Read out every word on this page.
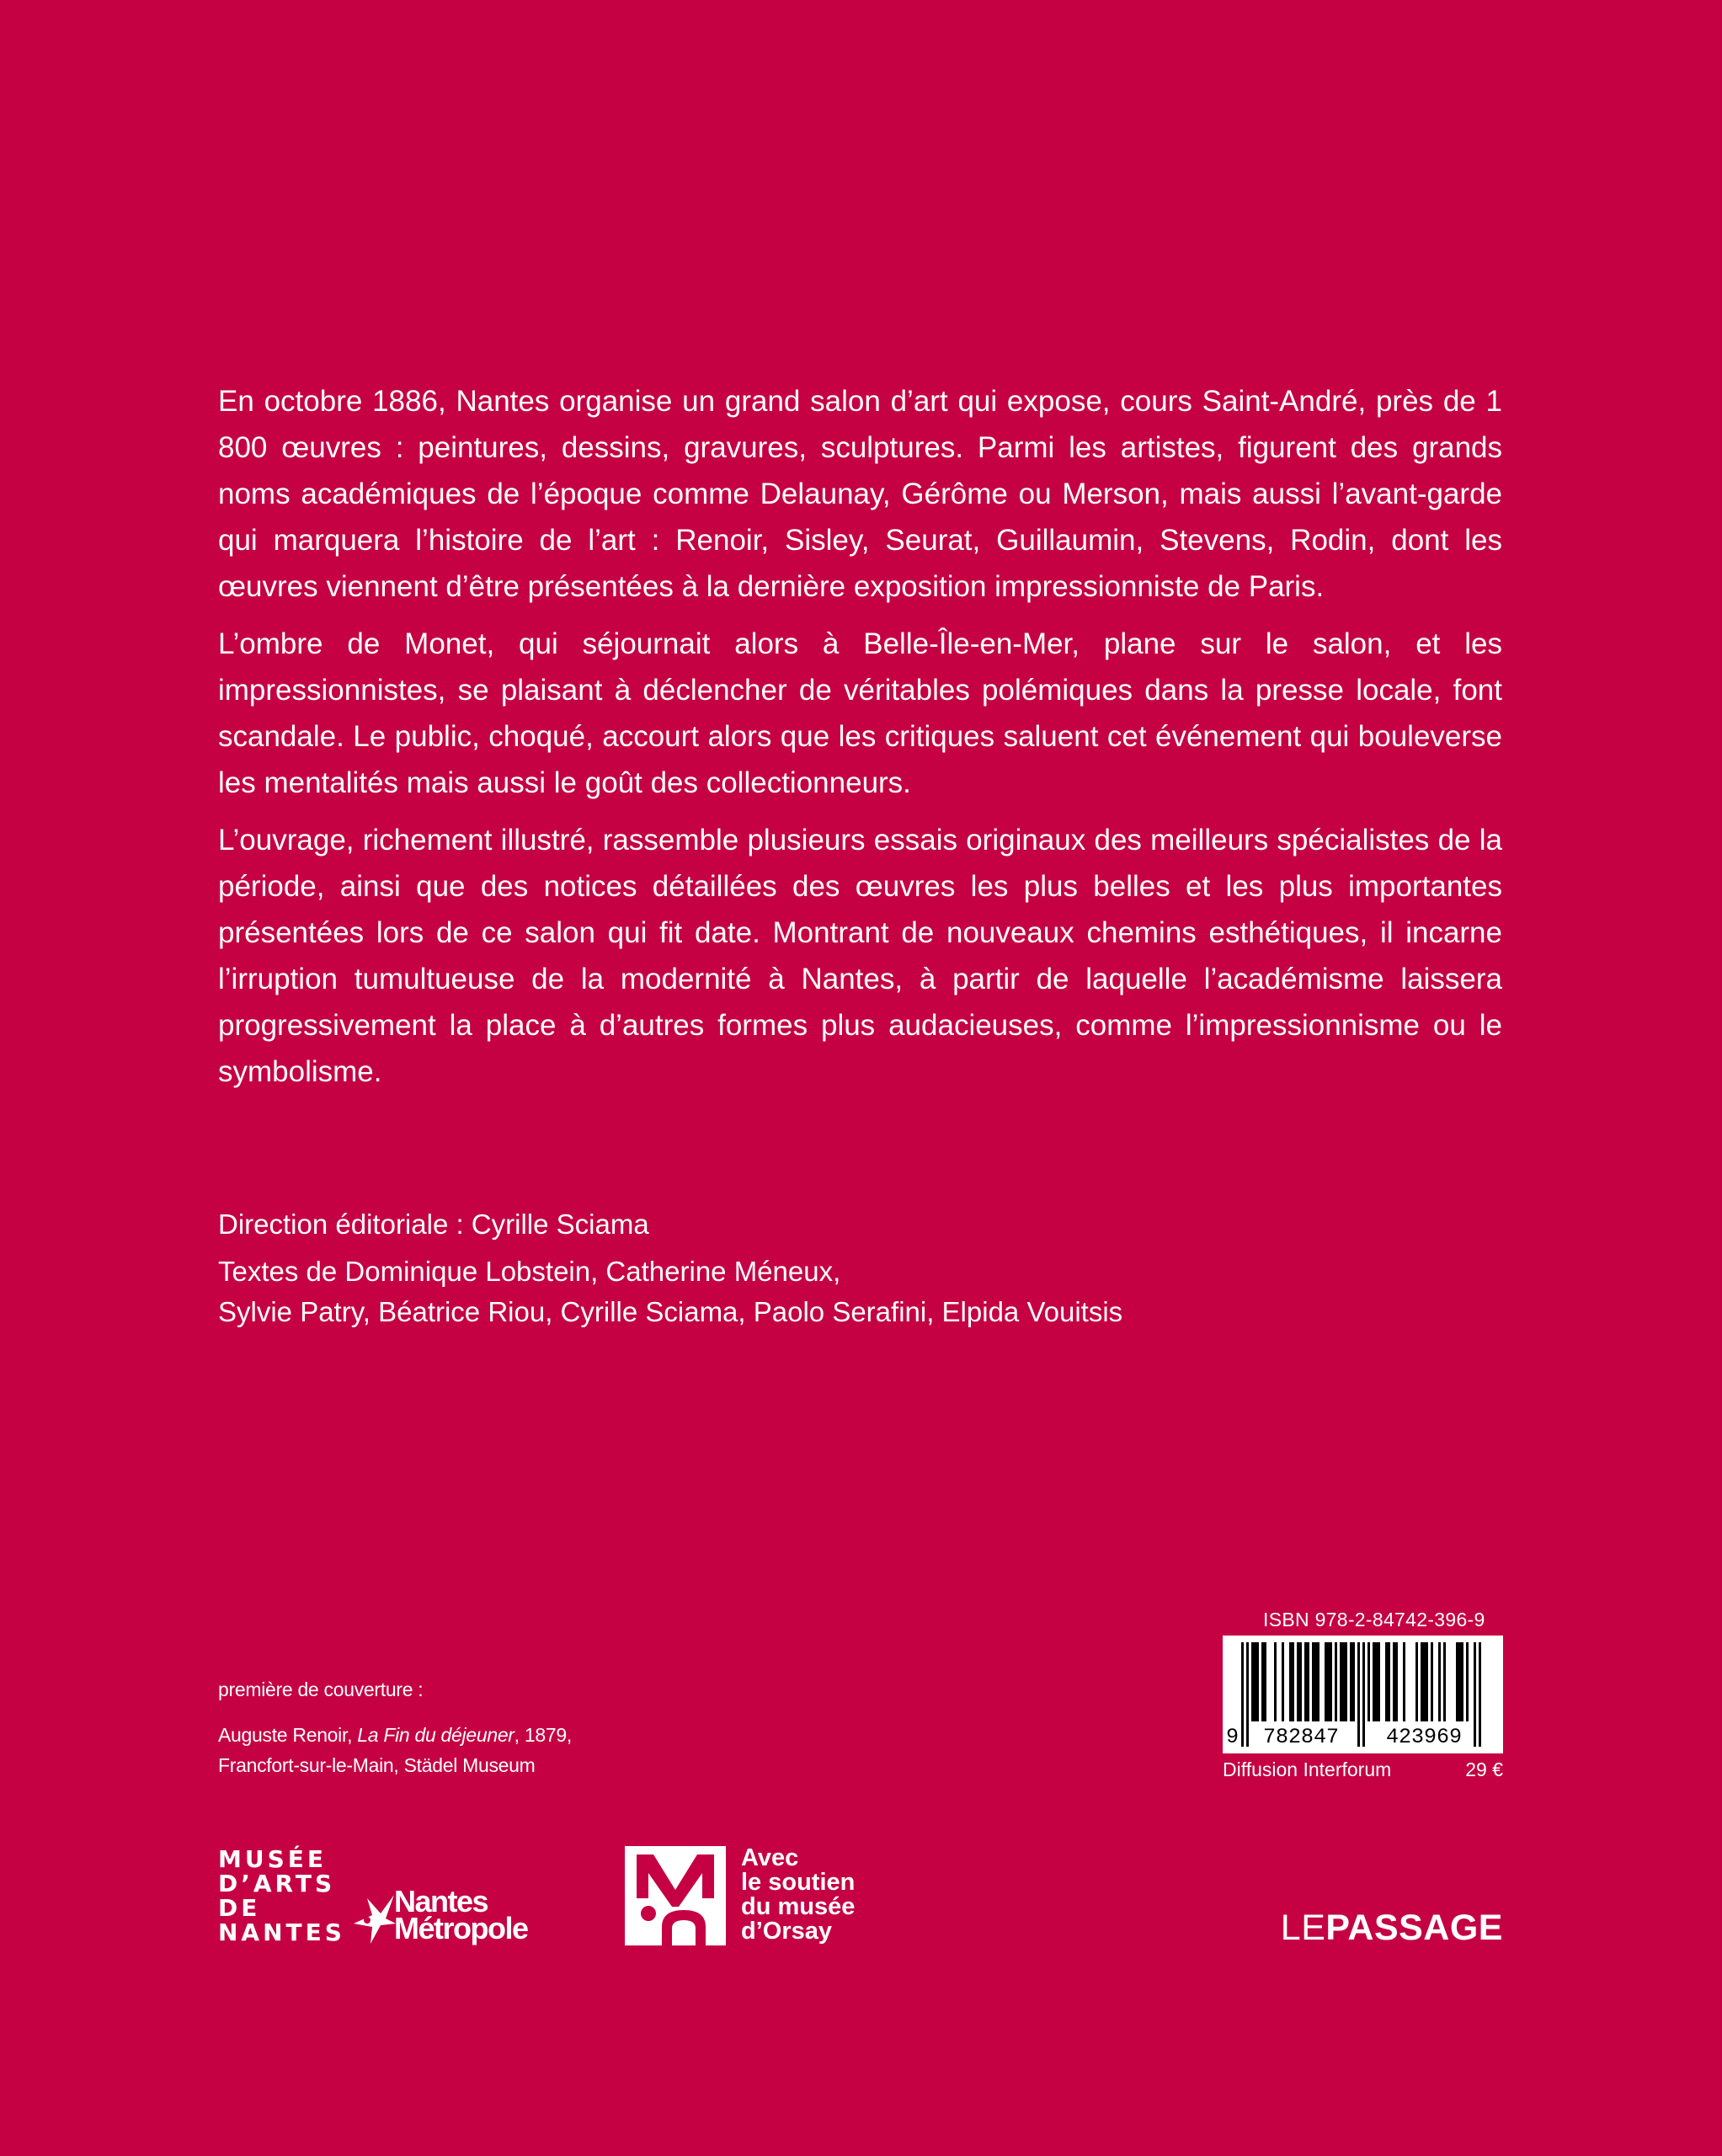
En octobre 1886, Nantes organise un grand salon d’art qui expose, cours Saint-André, près de 1 800 œuvres : peintures, dessins, gravures, sculptures. Parmi les artistes, figurent des grands noms académiques de l’époque comme Delaunay, Gérôme ou Merson, mais aussi l’avant-garde qui marquera l’histoire de l’art : Renoir, Sisley, Seurat, Guillaumin, Stevens, Rodin, dont les œuvres viennent d’être présentées à la dernière exposition impressionniste de Paris.

L’ombre de Monet, qui séjournait alors à Belle-Île-en-Mer, plane sur le salon, et les impressionnistes, se plaisant à déclencher de véritables polémiques dans la presse locale, font scandale. Le public, choqué, accourt alors que les critiques saluent cet événement qui bouleverse les mentalités mais aussi le goût des collectionneurs.

L’ouvrage, richement illustré, rassemble plusieurs essais originaux des meilleurs spécialistes de la période, ainsi que des notices détaillées des œuvres les plus belles et les plus importantes présentées lors de ce salon qui fit date. Montrant de nouveaux chemins esthétiques, il incarne l’irruption tumultueuse de la modernité à Nantes, à partir de laquelle l’académisme laissera progressivement la place à d’autres formes plus audacieuses, comme l’impressionnisme ou le symbolisme.

Direction éditoriale : Cyrille Sciama
Textes de Dominique Lobstein, Catherine Méneux,
Sylvie Patry, Béatrice Riou, Cyrille Sciama, Paolo Serafini, Elpida Vouitsis
première de couverture :
Auguste Renoir, La Fin du déjeuner, 1879,
Francfort-sur-le-Main, Städel Museum
ISBN 978-2-84742-396-9
9 782847 423969
Diffusion Interforum	29 €
MUSÉE
D’ARTS
DE
NANTES
Nantes
Métropole
Avec
le soutien
du musée
d’Orsay	LEPASSAGE
